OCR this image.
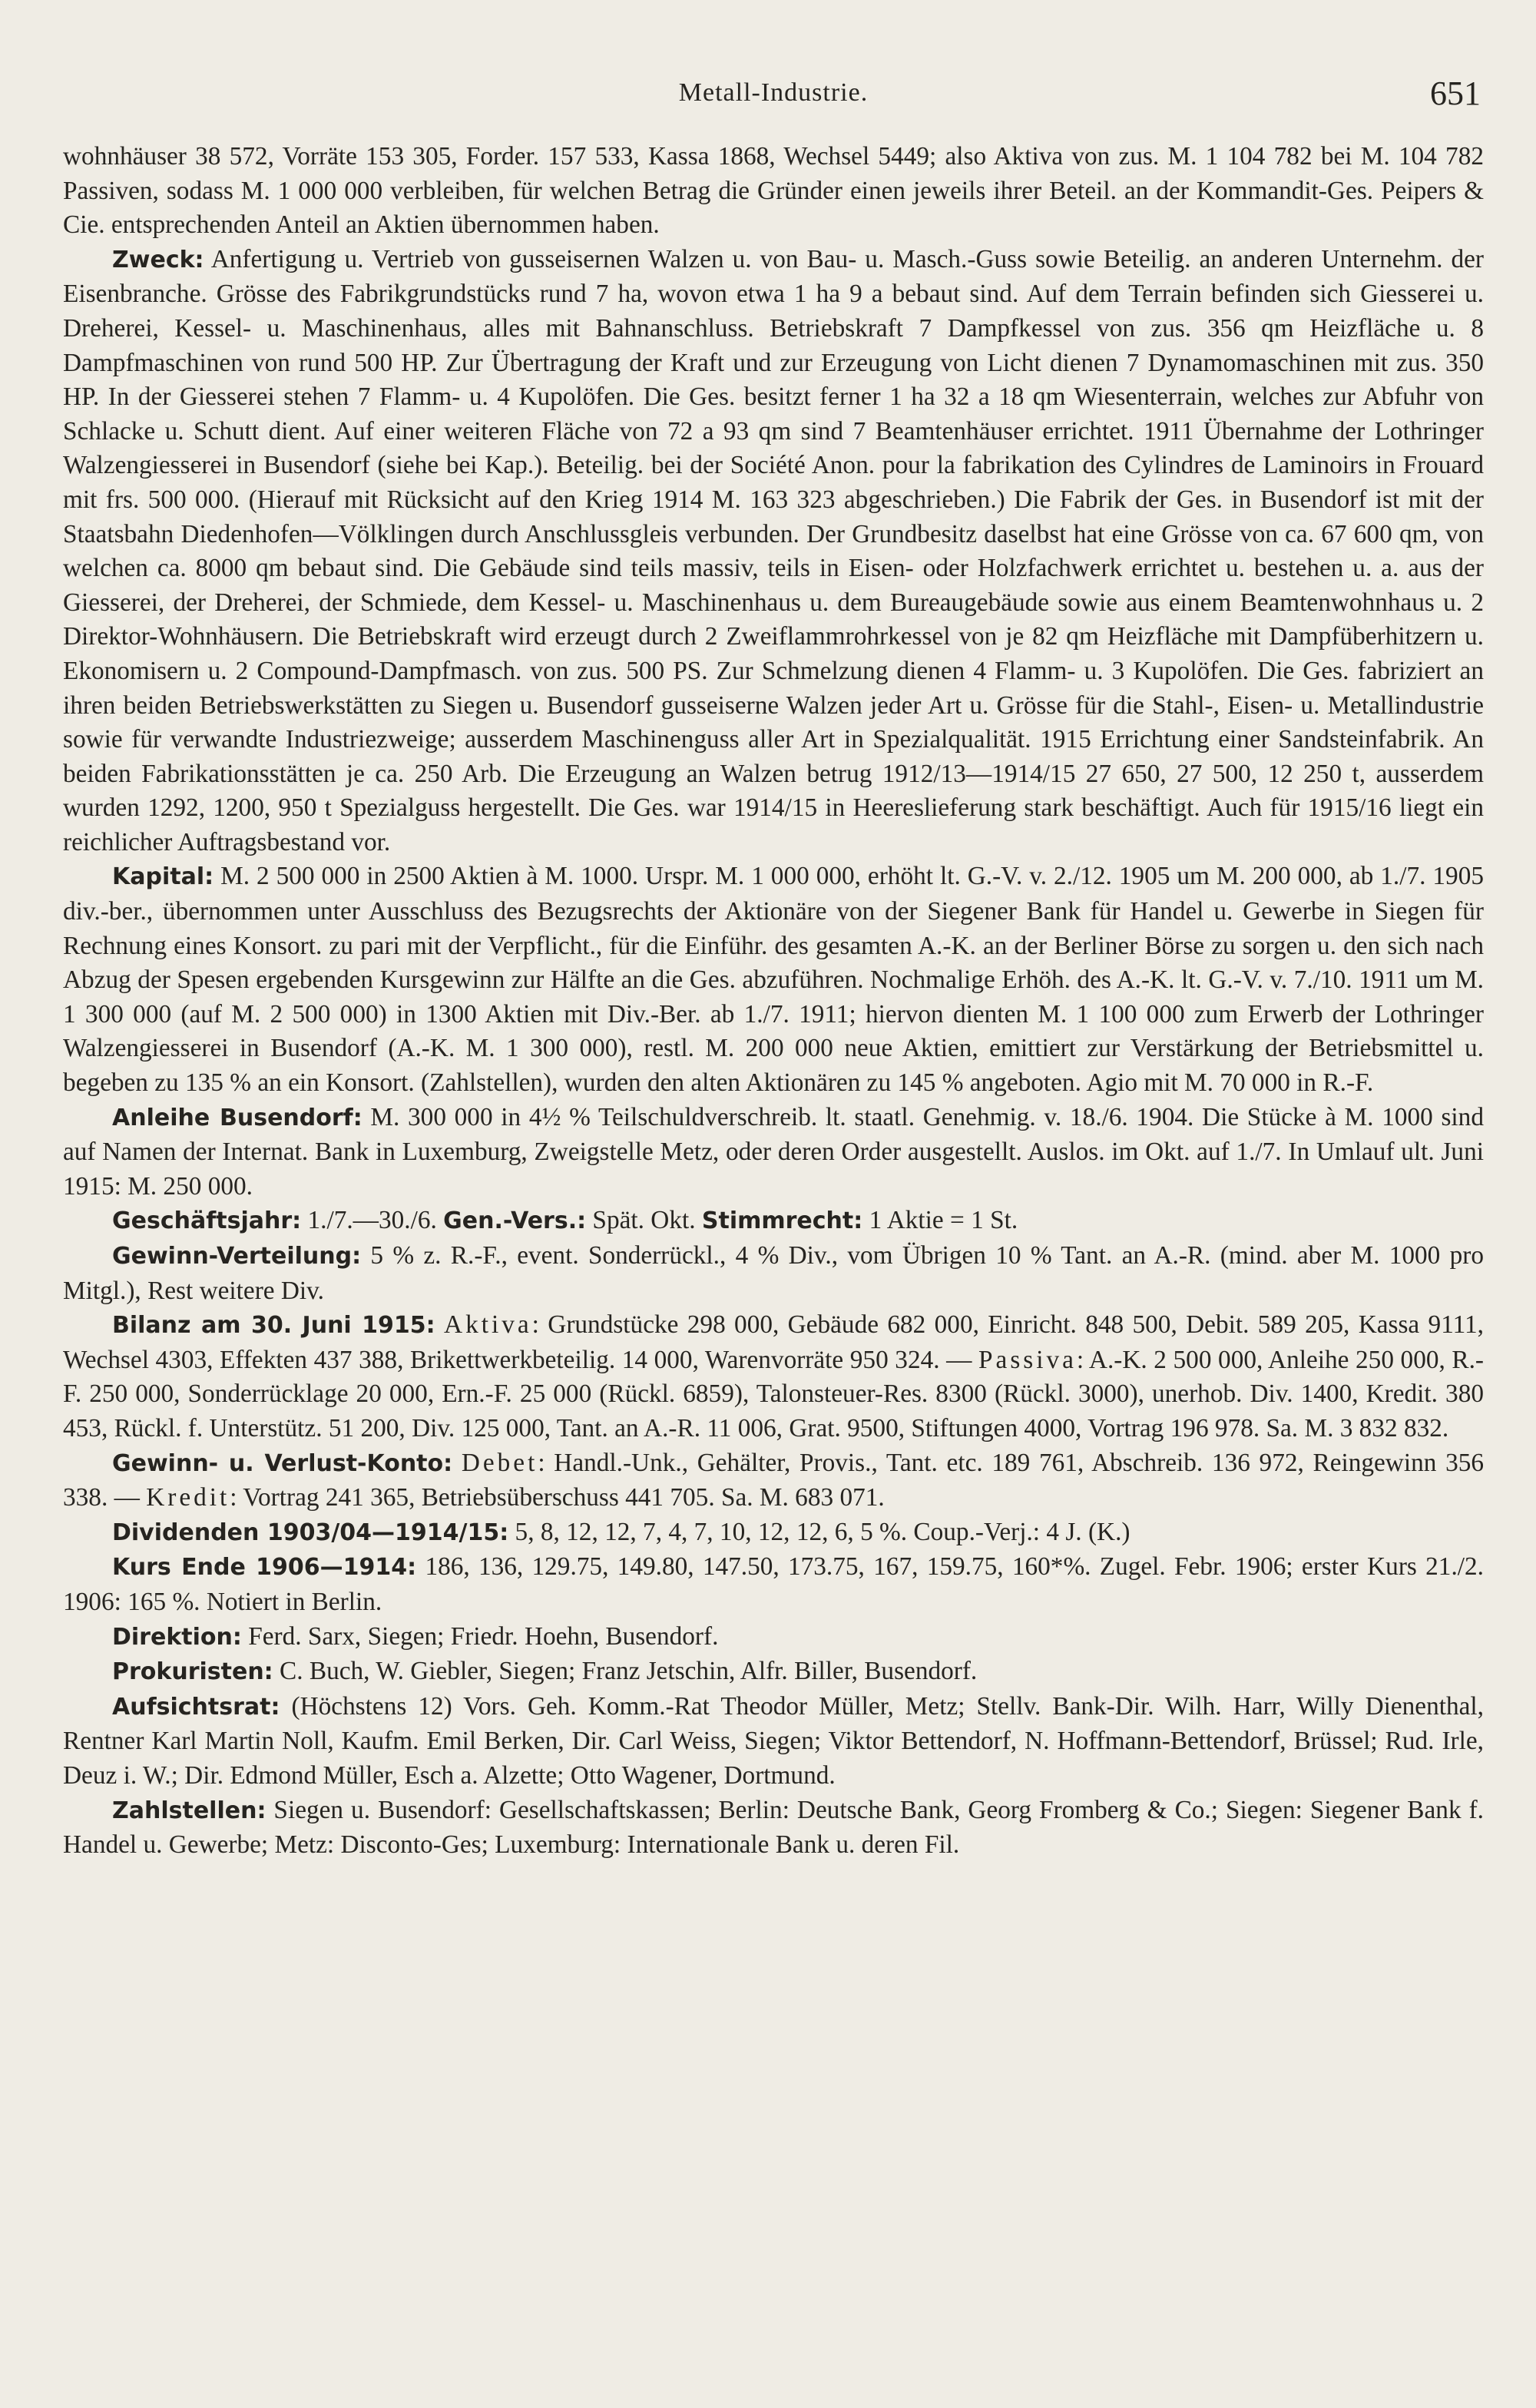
Metall-Industrie.	651

wohnhäuser 38 572, Vorräte 153 305, Forder. 157 533, Kassa 1868, Wechsel 5449; also Aktiva von zus. M. 1 104 782 bei M. 104 782 Passiven, sodass M. 1 000 000 verbleiben, für welchen Betrag die Gründer einen jeweils ihrer Beteil. an der Kommandit-Ges. Peipers & Cie. entsprechenden Anteil an Aktien übernommen haben.

Zweck: Anfertigung u. Vertrieb von gusseisernen Walzen u. von Bau- u. Masch.-Guss sowie Beteilig. an anderen Unternehm. der Eisenbranche. Grösse des Fabrikgrundstücks rund 7 ha, wovon etwa 1 ha 9 a bebaut sind. Auf dem Terrain befinden sich Giesserei u. Dreherei, Kessel- u. Maschinenhaus, alles mit Bahnanschluss. Betriebskraft 7 Dampfkessel von zus. 356 qm Heizfläche u. 8 Dampfmaschinen von rund 500 HP. Zur Übertragung der Kraft und zur Erzeugung von Licht dienen 7 Dynamomaschinen mit zus. 350 HP. In der Giesserei stehen 7 Flamm- u. 4 Kupolöfen. Die Ges. besitzt ferner 1 ha 32 a 18 qm Wiesenterrain, welches zur Abfuhr von Schlacke u. Schutt dient. Auf einer weiteren Fläche von 72 a 93 qm sind 7 Beamtenhäuser errichtet. 1911 Übernahme der Lothringer Walzengiesserei in Busendorf (siehe bei Kap.). Beteilig. bei der Société Anon. pour la fabrikation des Cylindres de Laminoirs in Frouard mit frs. 500 000. (Hierauf mit Rücksicht auf den Krieg 1914 M. 163 323 abgeschrieben.) Die Fabrik der Ges. in Busendorf ist mit der Staatsbahn Diedenhofen—Völklingen durch Anschlussgleis verbunden. Der Grundbesitz daselbst hat eine Grösse von ca. 67 600 qm, von welchen ca. 8000 qm bebaut sind. Die Gebäude sind teils massiv, teils in Eisen- oder Holzfachwerk errichtet u. bestehen u. a. aus der Giesserei, der Dreherei, der Schmiede, dem Kessel- u. Maschinenhaus u. dem Bureaugebäude sowie aus einem Beamtenwohnhaus u. 2 Direktor-Wohnhäusern. Die Betriebskraft wird erzeugt durch 2 Zweiflammrohrkessel von je 82 qm Heizfläche mit Dampfüberhitzern u. Ekonomisern u. 2 Compound-Dampfmasch. von zus. 500 PS. Zur Schmelzung dienen 4 Flamm- u. 3 Kupolöfen. Die Ges. fabriziert an ihren beiden Betriebswerkstätten zu Siegen u. Busendorf gusseiserne Walzen jeder Art u. Grösse für die Stahl-, Eisen- u. Metallindustrie sowie für verwandte Industriezweige; ausserdem Maschinenguss aller Art in Spezialqualität. 1915 Errichtung einer Sandsteinfabrik. An beiden Fabrikationsstätten je ca. 250 Arb. Die Erzeugung an Walzen betrug 1912/13—1914/15 27 650, 27 500, 12 250 t, ausserdem wurden 1292, 1200, 950 t Spezialguss hergestellt. Die Ges. war 1914/15 in Heereslieferung stark beschäftigt. Auch für 1915/16 liegt ein reichlicher Auftragsbestand vor.

Kapital: M. 2 500 000 in 2500 Aktien à M. 1000. Urspr. M. 1 000 000, erhöht lt. G.-V. v. 2./12. 1905 um M. 200 000, ab 1./7. 1905 div.-ber., übernommen unter Ausschluss des Bezugsrechts der Aktionäre von der Siegener Bank für Handel u. Gewerbe in Siegen für Rechnung eines Konsort. zu pari mit der Verpflicht., für die Einführ. des gesamten A.-K. an der Berliner Börse zu sorgen u. den sich nach Abzug der Spesen ergebenden Kursgewinn zur Hälfte an die Ges. abzuführen. Nochmalige Erhöh. des A.-K. lt. G.-V. v. 7./10. 1911 um M. 1 300 000 (auf M. 2 500 000) in 1300 Aktien mit Div.-Ber. ab 1./7. 1911; hiervon dienten M. 1 100 000 zum Erwerb der Lothringer Walzengiesserei in Busendorf (A.-K. M. 1 300 000), restl. M. 200 000 neue Aktien, emittiert zur Verstärkung der Betriebsmittel u. begeben zu 135 % an ein Konsort. (Zahlstellen), wurden den alten Aktionären zu 145 % angeboten. Agio mit M. 70 000 in R.-F.

Anleihe Busendorf: M. 300 000 in 4½ % Teilschuldverschreib. lt. staatl. Genehmig. v. 18./6. 1904. Die Stücke à M. 1000 sind auf Namen der Internat. Bank in Luxemburg, Zweigstelle Metz, oder deren Order ausgestellt. Auslos. im Okt. auf 1./7. In Umlauf ult. Juni 1915: M. 250 000.

Geschäftsjahr: 1./7.—30./6. Gen.-Vers.: Spät. Okt. Stimmrecht: 1 Aktie = 1 St.

Gewinn-Verteilung: 5 % z. R.-F., event. Sonderrückl., 4 % Div., vom Übrigen 10 % Tant. an A.-R. (mind. aber M. 1000 pro Mitgl.), Rest weitere Div.

Bilanz am 30. Juni 1915: Aktiva: Grundstücke 298 000, Gebäude 682 000, Einricht. 848 500, Debit. 589 205, Kassa 9111, Wechsel 4303, Effekten 437 388, Brikettwerkbeteilig. 14 000, Warenvorräte 950 324. — Passiva: A.-K. 2 500 000, Anleihe 250 000, R.-F. 250 000, Sonderrücklage 20 000, Ern.-F. 25 000 (Rückl. 6859), Talonsteuer-Res. 8300 (Rückl. 3000), unerhob. Div. 1400, Kredit. 380 453, Rückl. f. Unterstütz. 51 200, Div. 125 000, Tant. an A.-R. 11 006, Grat. 9500, Stiftungen 4000, Vortrag 196 978. Sa. M. 3 832 832.

Gewinn- u. Verlust-Konto: Debet: Handl.-Unk., Gehälter, Provis., Tant. etc. 189 761, Abschreib. 136 972, Reingewinn 356 338. — Kredit: Vortrag 241 365, Betriebsüberschuss 441 705. Sa. M. 683 071.

Dividenden 1903/04—1914/15: 5, 8, 12, 12, 7, 4, 7, 10, 12, 12, 6, 5 %. Coup.-Verj.: 4 J. (K.)

Kurs Ende 1906—1914: 186, 136, 129.75, 149.80, 147.50, 173.75, 167, 159.75, 160*%. Zugel. Febr. 1906; erster Kurs 21./2. 1906: 165 %. Notiert in Berlin.

Direktion: Ferd. Sarx, Siegen; Friedr. Hoehn, Busendorf.

Prokuristen: C. Buch, W. Giebler, Siegen; Franz Jetschin, Alfr. Biller, Busendorf.

Aufsichtsrat: (Höchstens 12) Vors. Geh. Komm.-Rat Theodor Müller, Metz; Stellv. Bank-Dir. Wilh. Harr, Willy Dienenthal, Rentner Karl Martin Noll, Kaufm. Emil Berken, Dir. Carl Weiss, Siegen; Viktor Bettendorf, N. Hoffmann-Bettendorf, Brüssel; Rud. Irle, Deuz i. W.; Dir. Edmond Müller, Esch a. Alzette; Otto Wagener, Dortmund.

Zahlstellen: Siegen u. Busendorf: Gesellschaftskassen; Berlin: Deutsche Bank, Georg Fromberg & Co.; Siegen: Siegener Bank f. Handel u. Gewerbe; Metz: Disconto-Ges; Luxemburg: Internationale Bank u. deren Fil.
